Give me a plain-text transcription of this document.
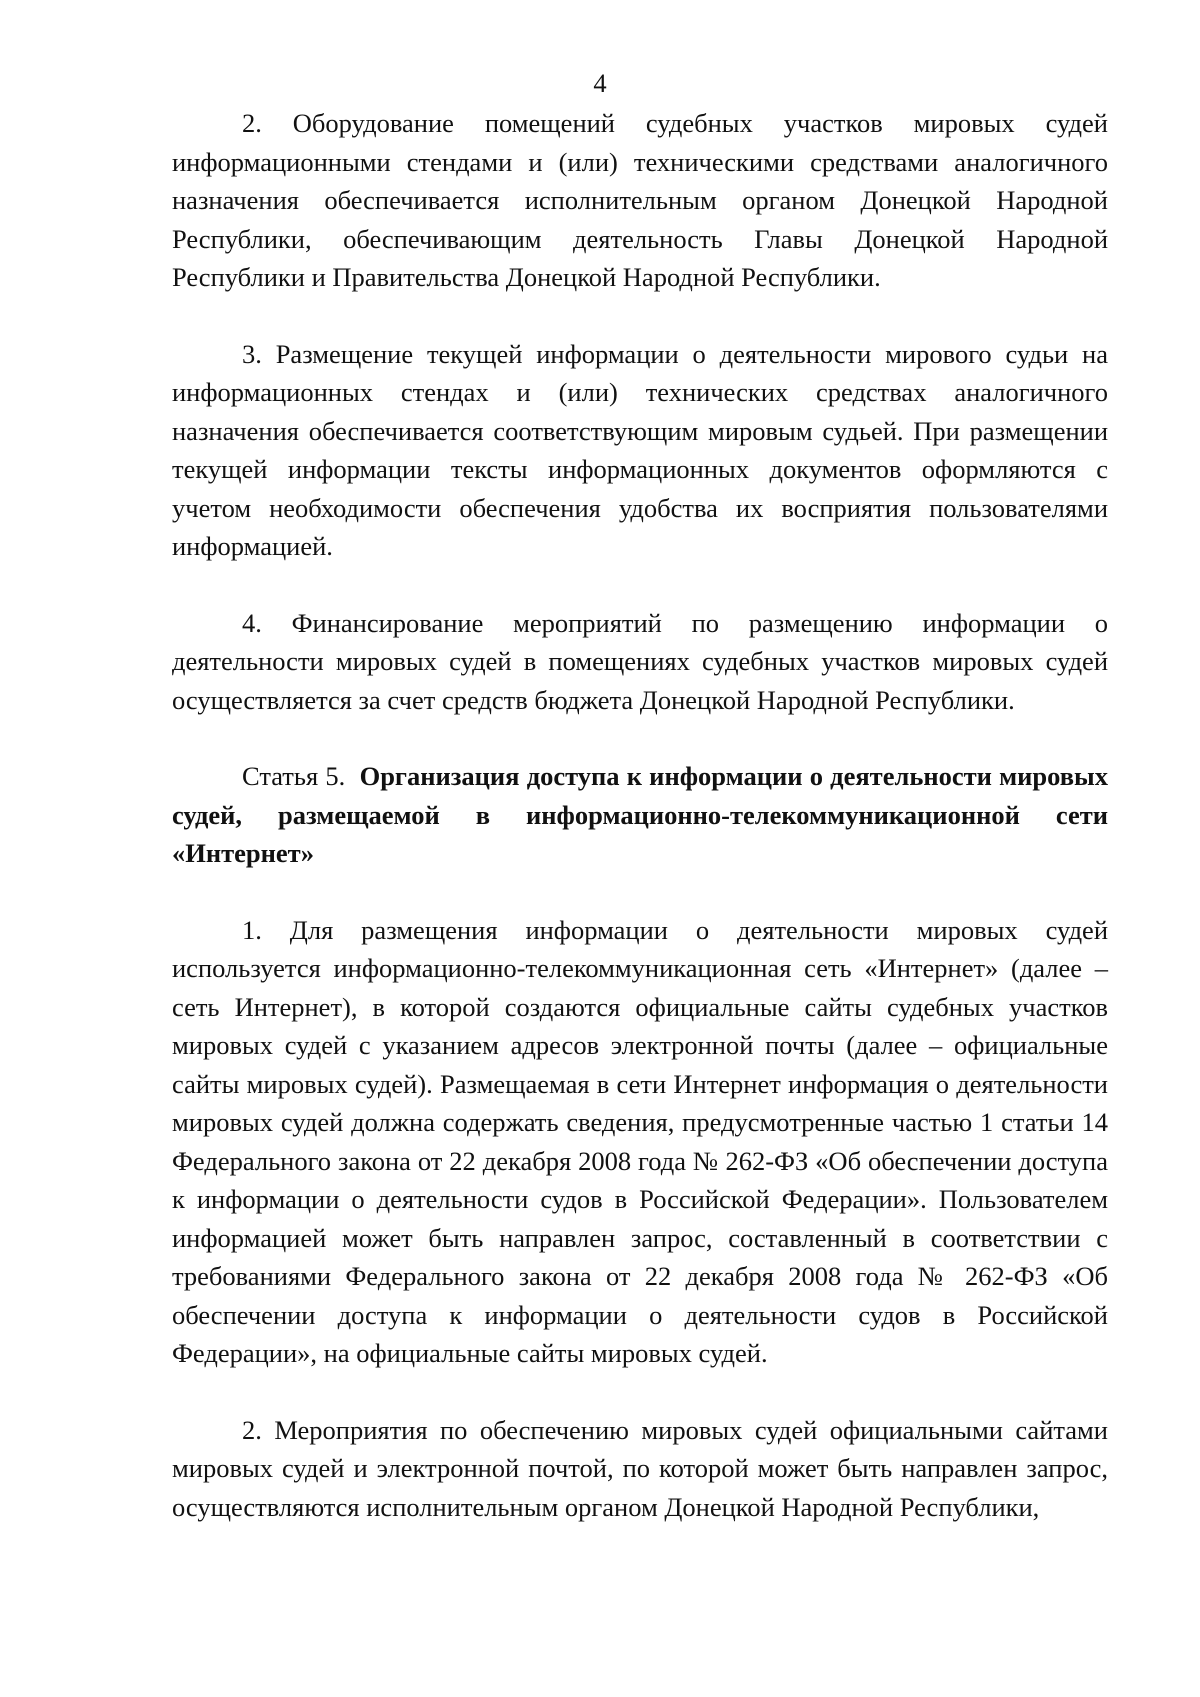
4

2. Оборудование помещений судебных участков мировых судей информационными стендами и (или) техническими средствами аналогичного назначения обеспечивается исполнительным органом Донецкой Народной Республики, обеспечивающим деятельность Главы Донецкой Народной Республики и Правительства Донецкой Народной Республики.

3. Размещение текущей информации о деятельности мирового судьи на информационных стендах и (или) технических средствах аналогичного назначения обеспечивается соответствующим мировым судьей. При размещении текущей информации тексты информационных документов оформляются с учетом необходимости обеспечения удобства их восприятия пользователями информацией.

4. Финансирование мероприятий по размещению информации о деятельности мировых судей в помещениях судебных участков мировых судей осуществляется за счет средств бюджета Донецкой Народной Республики.

Статья 5. Организация доступа к информации о деятельности мировых судей, размещаемой в информационно-телекоммуникационной сети «Интернет»

1. Для размещения информации о деятельности мировых судей используется информационно-телекоммуникационная сеть «Интернет» (далее – сеть Интернет), в которой создаются официальные сайты судебных участков мировых судей с указанием адресов электронной почты (далее – официальные сайты мировых судей). Размещаемая в сети Интернет информация о деятельности мировых судей должна содержать сведения, предусмотренные частью 1 статьи 14 Федерального закона от 22 декабря 2008 года № 262-ФЗ «Об обеспечении доступа к информации о деятельности судов в Российской Федерации». Пользователем информацией может быть направлен запрос, составленный в соответствии с требованиями Федерального закона от 22 декабря 2008 года № 262-ФЗ «Об обеспечении доступа к информации о деятельности судов в Российской Федерации», на официальные сайты мировых судей.

2. Мероприятия по обеспечению мировых судей официальными сайтами мировых судей и электронной почтой, по которой может быть направлен запрос, осуществляются исполнительным органом Донецкой Народной Республики,
